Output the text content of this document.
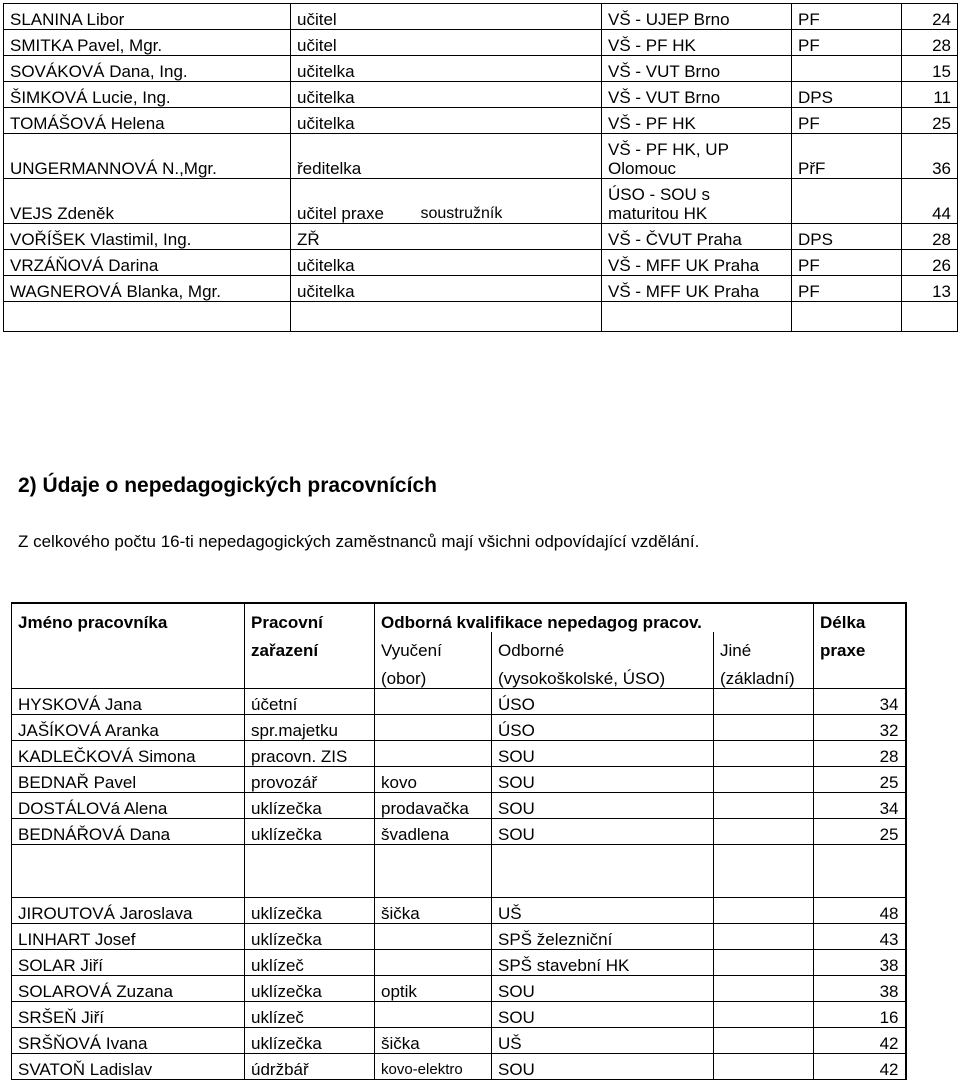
SLANINA Libor	učitel		VŠ - UJEP Brno	PF	24
SMITKA Pavel, Mgr.	učitel		VŠ - PF HK	PF	28
SOVÁKOVÁ Dana, Ing.	učitelka		VŠ - VUT Brno		15
ŠIMKOVÁ Lucie, Ing.	učitelka		VŠ - VUT Brno	DPS	11
TOMÁŠOVÁ Helena	učitelka		VŠ - PF HK	PF	25
UNGERMANNOVÁ N.,Mgr.	ředitelka		VŠ - PF HK, UP Olomouc	PřF	36
VEJS Zdeněk	učitel praxe	soustružník	ÚSO - SOU s maturitou HK		44
VOŘÍŠEK Vlastimil, Ing.	ZŘ		VŠ - ČVUT Praha	DPS	28
VRZÁŇOVÁ Darina	učitelka		VŠ - MFF UK Praha	PF	26
WAGNEROVÁ Blanka, Mgr.	učitelka		VŠ - MFF UK Praha	PF	13

2) Údaje o nepedagogických pracovnících

Z celkového počtu 16-ti nepedagogických zaměstnanců mají všichni odpovídající vzdělání.

Jméno pracovníka	Pracovní	Odborná kvalifikace nepedagog pracov.			Délka
	zařazení	Vyučení	Odborné	Jiné	praxe
		(obor)	(vysokoškolské, ÚSO)	(základní)	
HYSKOVÁ Jana	účetní		ÚSO		34
JAŠÍKOVÁ Aranka	spr.majetku		ÚSO		32
KADLEČKOVÁ Simona	pracovn. ZIS		SOU		28
BEDNAŘ Pavel	provozář	kovo	SOU		25
DOSTÁLOVá Alena	uklízečka	prodavačka	SOU		34
BEDNÁŘOVÁ Dana	uklízečka	švadlena	SOU		25

JIROUTOVÁ Jaroslava	uklízečka	šička	UŠ		48
LINHART Josef	uklízečka		SPŠ železniční		43
SOLAR Jiří	uklízeč		SPŠ stavební HK		38
SOLAROVÁ Zuzana	uklízečka	optik	SOU		38
SRŠEŇ Jiří	uklízeč		SOU		16
SRŠŇOVÁ Ivana	uklízečka	šička	UŠ		42
SVATOŇ Ladislav	údržbář	kovo-elektro	SOU		42
